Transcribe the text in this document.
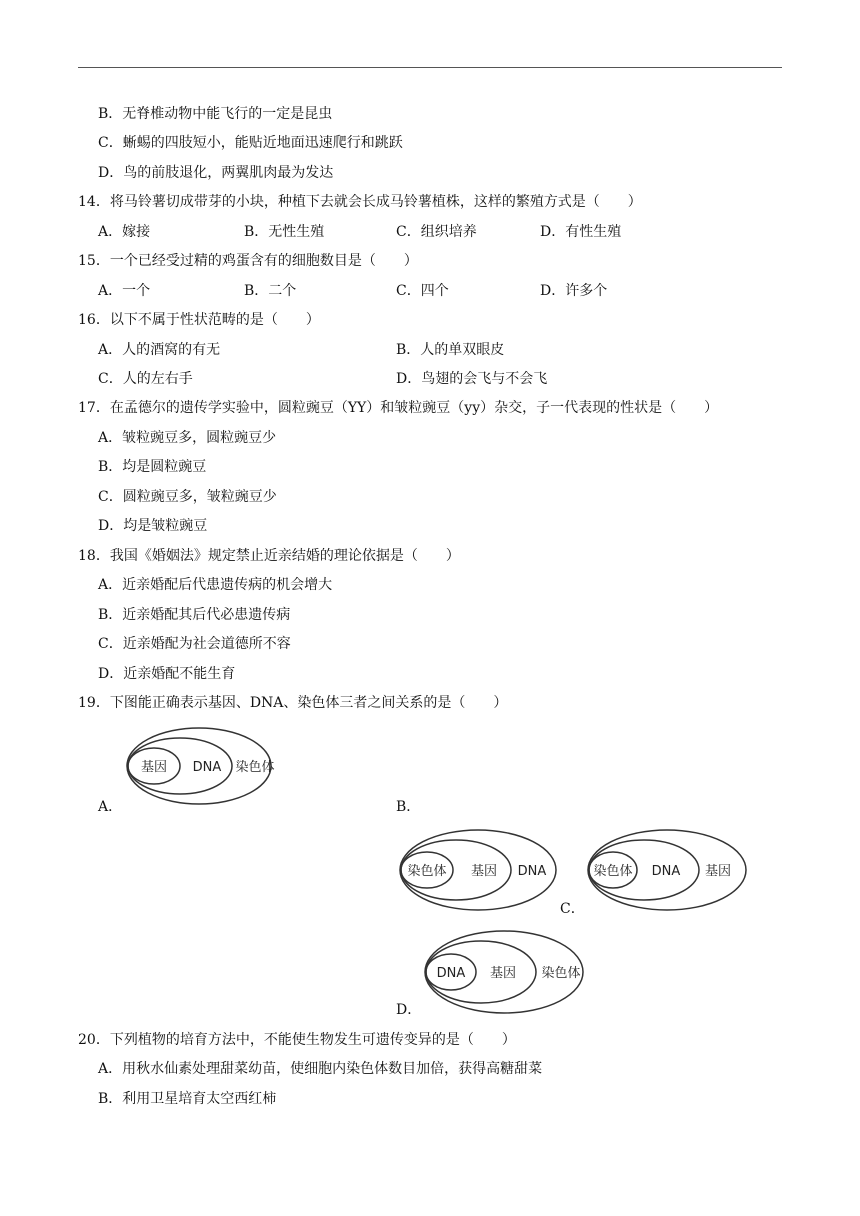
B．无脊椎动物中能飞行的一定是昆虫
C．蜥蜴的四肢短小，能贴近地面迅速爬行和跳跃
D．鸟的前肢退化，两翼肌肉最为发达
14．将马铃薯切成带芽的小块，种植下去就会长成马铃薯植株，这样的繁殖方式是（　　）
A．嫁接	B．无性生殖	C．组织培养	D．有性生殖
15．一个已经受过精的鸡蛋含有的细胞数目是（　　）
A．一个	B．二个	C．四个	D．许多个
16．以下不属于性状范畴的是（　　）
A．人的酒窝的有无	B．人的单双眼皮
C．人的左右手	D．鸟翅的会飞与不会飞
17．在孟德尔的遗传学实验中，圆粒豌豆（YY）和皱粒豌豆（yy）杂交，子一代表现的性状是（　　）
A．皱粒豌豆多，圆粒豌豆少
B．均是圆粒豌豆
C．圆粒豌豆多，皱粒豌豆少
D．均是皱粒豌豆
18．我国《婚姻法》规定禁止近亲结婚的理论依据是（　　）
A．近亲婚配后代患遗传病的机会增大
B．近亲婚配其后代必患遗传病
C．近亲婚配为社会道德所不容
D．近亲婚配不能生育
19．下图能正确表示基因、DNA、染色体三者之间关系的是（　　）
基因 DNA 染色体
A．	B．
染色体 基因 DNA
C．
染色体 DNA 基因
DNA 基因 染色体
D．
20．下列植物的培育方法中，不能使生物发生可遗传变异的是（　　）
A．用秋水仙素处理甜菜幼苗，使细胞内染色体数目加倍，获得高糖甜菜
B．利用卫星培育太空西红柿
